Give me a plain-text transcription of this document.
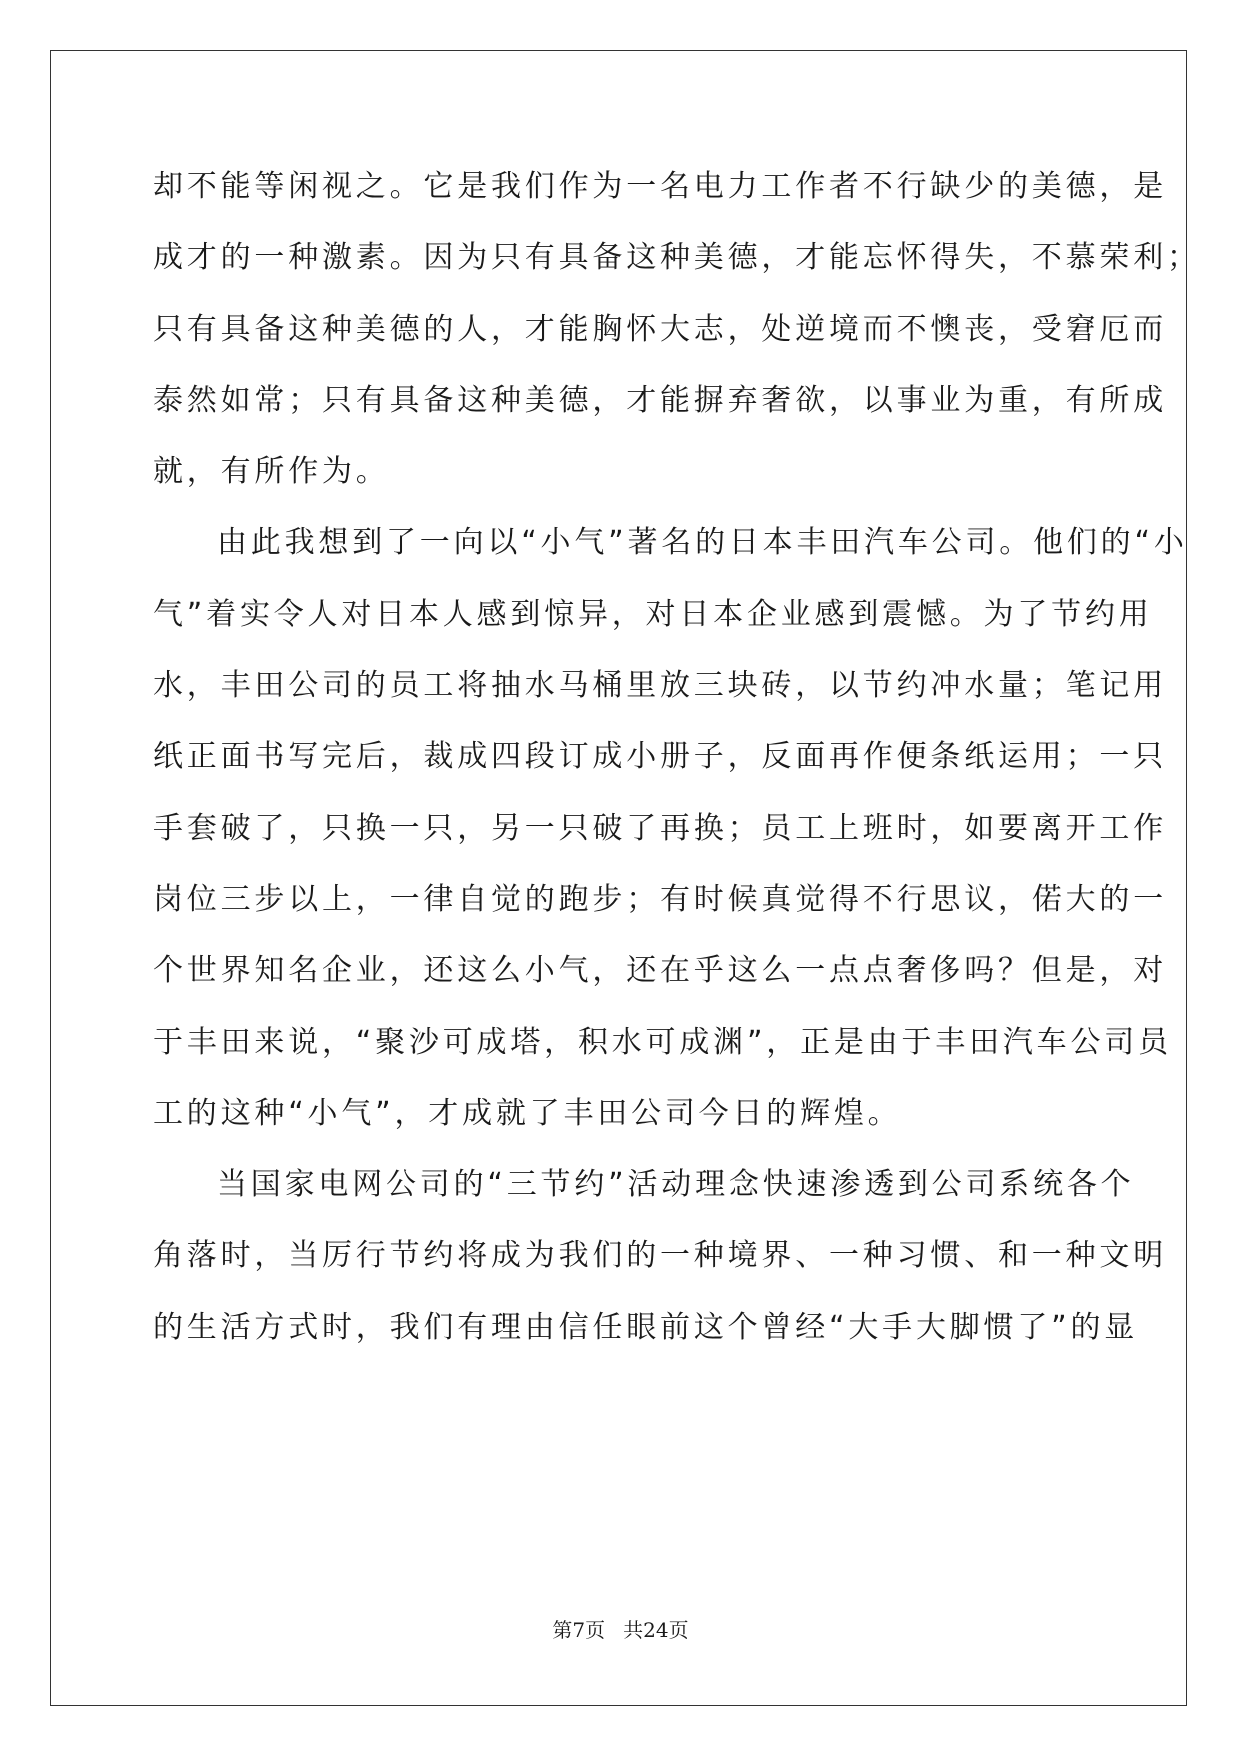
却不能等闲视之。它是我们作为一名电力工作者不行缺少的美德，是
成才的一种激素。因为只有具备这种美德，才能忘怀得失，不慕荣利；
只有具备这种美德的人，才能胸怀大志，处逆境而不懊丧，受窘厄而
泰然如常；只有具备这种美德，才能摒弃奢欲，以事业为重，有所成
就，有所作为。
由此我想到了一向以“小气”著名的日本丰田汽车公司。他们的“小
气”着实令人对日本人感到惊异，对日本企业感到震憾。为了节约用
水，丰田公司的员工将抽水马桶里放三块砖，以节约冲水量；笔记用
纸正面书写完后，裁成四段订成小册子，反面再作便条纸运用；一只
手套破了，只换一只，另一只破了再换；员工上班时，如要离开工作
岗位三步以上，一律自觉的跑步；有时候真觉得不行思议，偌大的一
个世界知名企业，还这么小气，还在乎这么一点点奢侈吗？但是，对
于丰田来说，“聚沙可成塔，积水可成渊”，正是由于丰田汽车公司员
工的这种“小气”，才成就了丰田公司今日的辉煌。
当国家电网公司的“三节约”活动理念快速渗透到公司系统各个
角落时，当厉行节约将成为我们的一种境界、一种习惯、和一种文明
的生活方式时，我们有理由信任眼前这个曾经“大手大脚惯了”的显
第7页 共24页
